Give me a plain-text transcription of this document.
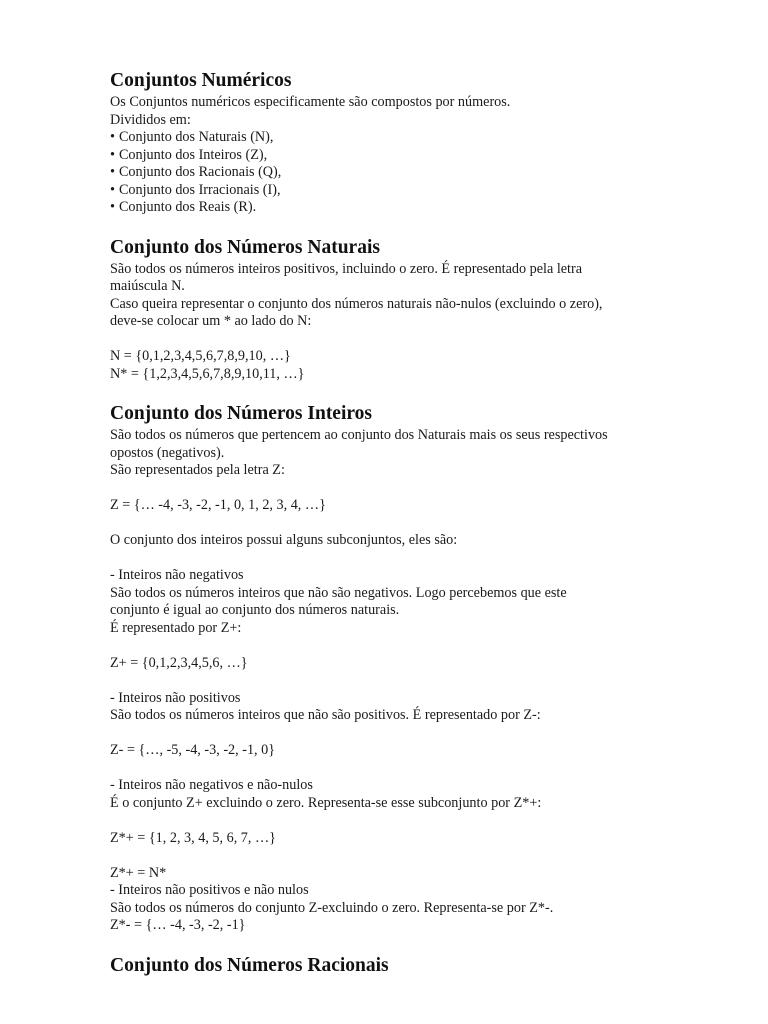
Conjuntos Numéricos

Os Conjuntos numéricos especificamente são compostos por números.

Divididos em:

• Conjunto dos Naturais (N),

• Conjunto dos Inteiros (Z),

• Conjunto dos Racionais (Q),

• Conjunto dos Irracionais (I),

• Conjunto dos Reais (R).

Conjunto dos Números Naturais

São todos os números inteiros positivos, incluindo o zero. É representado pela letra

maiúscula N.

Caso queira representar o conjunto dos números naturais não-nulos (excluindo o zero),

deve-se colocar um * ao lado do N:

N = {0,1,2,3,4,5,6,7,8,9,10, …}

N* = {1,2,3,4,5,6,7,8,9,10,11, …}

Conjunto dos Números Inteiros

São todos os números que pertencem ao conjunto dos Naturais mais os seus respectivos

opostos (negativos).

São representados pela letra Z:

Z = {… -4, -3, -2, -1, 0, 1, 2, 3, 4, …}

O conjunto dos inteiros possui alguns subconjuntos, eles são:

- Inteiros não negativos

São todos os números inteiros que não são negativos. Logo percebemos que este

conjunto é igual ao conjunto dos números naturais.

É representado por Z+:

Z+ = {0,1,2,3,4,5,6, …}

- Inteiros não positivos

São todos os números inteiros que não são positivos. É representado por Z-:

Z- = {…, -5, -4, -3, -2, -1, 0}

- Inteiros não negativos e não-nulos

É o conjunto Z+ excluindo o zero. Representa-se esse subconjunto por Z*+:

Z*+ = {1, 2, 3, 4, 5, 6, 7, …}

Z*+ = N*

- Inteiros não positivos e não nulos

São todos os números do conjunto Z-excluindo o zero. Representa-se por Z*-.

Z*- = {… -4, -3, -2, -1}

Conjunto dos Números Racionais
